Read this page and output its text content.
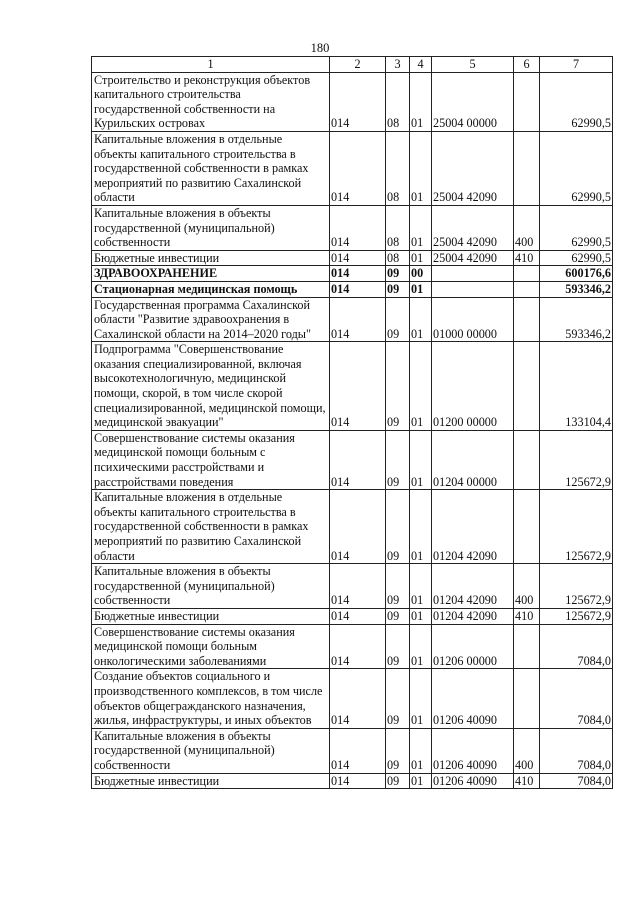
180
1	2	3	4	5	6	7
Строительство и реконструкция объектов капитального строительства государственной собственности на Курильских островах	014	08	01	25004 00000		62990,5
Капитальные вложения в отдельные объекты капитального строительства в государственной собственности в рамках мероприятий по развитию Сахалинской области	014	08	01	25004 42090		62990,5
Капитальные вложения в объекты государственной (муниципальной) собственности	014	08	01	25004 42090	400	62990,5
Бюджетные инвестиции	014	08	01	25004 42090	410	62990,5
ЗДРАВООХРАНЕНИЕ	014	09	00			600176,6
Стационарная медицинская помощь	014	09	01			593346,2
Государственная программа Сахалинской области "Развитие здравоохранения в Сахалинской области на 2014–2020 годы"	014	09	01	01000 00000		593346,2
Подпрограмма "Совершенствование оказания специализированной, включая высокотехнологичную, медицинской помощи, скорой, в том числе скорой специализированной, медицинской помощи, медицинской эвакуации"	014	09	01	01200 00000		133104,4
Совершенствование системы оказания медицинской помощи больным с психическими расстройствами и расстройствами поведения	014	09	01	01204 00000		125672,9
Капитальные вложения в отдельные объекты капитального строительства в государственной собственности в рамках мероприятий по развитию Сахалинской области	014	09	01	01204 42090		125672,9
Капитальные вложения в объекты государственной (муниципальной) собственности	014	09	01	01204 42090	400	125672,9
Бюджетные инвестиции	014	09	01	01204 42090	410	125672,9
Совершенствование системы оказания медицинской помощи больным онкологическими заболеваниями	014	09	01	01206 00000		7084,0
Создание объектов социального и производственного комплексов, в том числе объектов общегражданского назначения, жилья, инфраструктуры, и иных объектов	014	09	01	01206 40090		7084,0
Капитальные вложения в объекты государственной (муниципальной) собственности	014	09	01	01206 40090	400	7084,0
Бюджетные инвестиции	014	09	01	01206 40090	410	7084,0
